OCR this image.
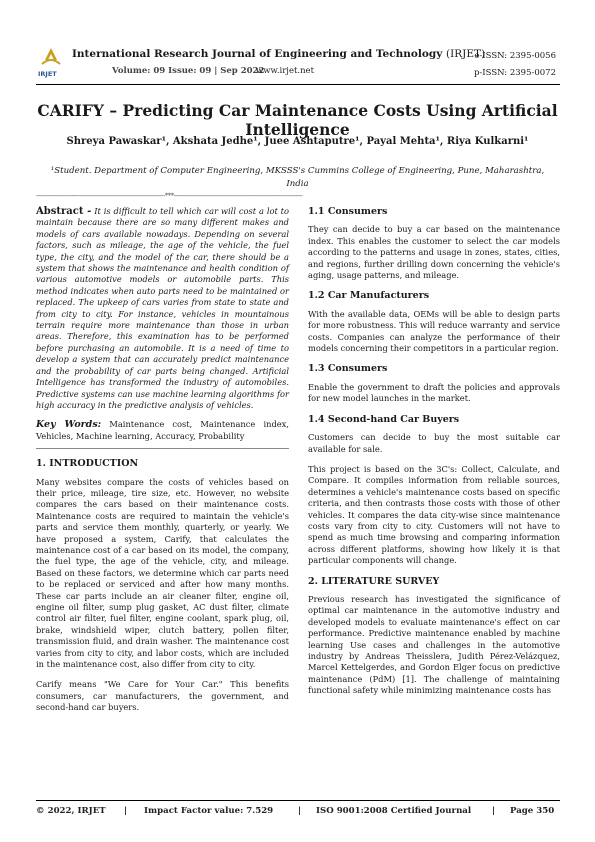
IRJET
International Research Journal of Engineering and Technology (IRJET)
Volume: 09 Issue: 09 | Sep 2022
www.irjet.net
e-ISSN: 2395-0056
p-ISSN: 2395-0072
CARIFY – Predicting Car Maintenance Costs Using Artificial Intelligence
Shreya Pawaskar¹, Akshata Jedhe¹, Juee Ashtaputre¹, Payal Mehta¹, Riya Kulkarni¹
¹Student. Department of Computer Engineering, MKSSS's Cummins College of Engineering, Pune, Maharashtra, India
---------------------------------------------------------------------***---------------------------------------------------------------------
Abstract - It is difficult to tell which car will cost a lot to maintain because there are so many different makes and models of cars available nowadays. Depending on several factors, such as mileage, the age of the vehicle, the fuel type, the city, and the model of the car, there should be a system that shows the maintenance and health condition of various automotive models or automobile parts. This method indicates when auto parts need to be maintained or replaced. The upkeep of cars varies from state to state and from city to city. For instance, vehicles in mountainous terrain require more maintenance than those in urban areas. Therefore, this examination has to be performed before purchasing an automobile. It is a need of time to develop a system that can accurately predict maintenance and the probability of car parts being changed. Artificial Intelligence has transformed the industry of automobiles. Predictive systems can use machine learning algorithms for high accuracy in the predictive analysis of vehicles.
Key Words: Maintenance cost, Maintenance index, Vehicles, Machine learning, Accuracy, Probability
1. INTRODUCTION

Many websites compare the costs of vehicles based on their price, mileage, tire size, etc. However, no website compares the cars based on their maintenance costs. Maintenance costs are required to maintain the vehicle's parts and service them monthly, quarterly, or yearly. We have proposed a system, Carify, that calculates the maintenance cost of a car based on its model, the company, the fuel type, the age of the vehicle, city, and mileage. Based on these factors, we determine which car parts need to be replaced or serviced and after how many months. These car parts include an air cleaner filter, engine oil, engine oil filter, sump plug gasket, AC dust filter, climate control air filter, fuel filter, engine coolant, spark plug, oil, brake, windshield wiper, clutch battery, pollen filter, transmission fluid, and drain washer. The maintenance cost varies from city to city, and labor costs, which are included in the maintenance cost, also differ from city to city.

Carify means "We Care for Your Car." This benefits consumers, car manufacturers, the government, and second-hand car buyers.

1.1 Consumers

They can decide to buy a car based on the maintenance index. This enables the customer to select the car models according to the patterns and usage in zones, states, cities, and regions, further drilling down concerning the vehicle's aging, usage patterns, and mileage.

1.2 Car Manufacturers

With the available data, OEMs will be able to design parts for more robustness. This will reduce warranty and service costs. Companies can analyze the performance of their models concerning their competitors in a particular region.

1.3 Consumers

Enable the government to draft the policies and approvals for new model launches in the market.

1.4 Second-hand Car Buyers

Customers can decide to buy the most suitable car available for sale.

This project is based on the 3C's: Collect, Calculate, and Compare. It compiles information from reliable sources, determines a vehicle's maintenance costs based on specific criteria, and then contrasts those costs with those of other vehicles. It compares the data city-wise since maintenance costs vary from city to city. Customers will not have to spend as much time browsing and comparing information across different platforms, showing how likely it is that particular components will change.

2. LITERATURE SURVEY

Previous research has investigated the significance of optimal car maintenance in the automotive industry and developed models to evaluate maintenance's effect on car performance. Predictive maintenance enabled by machine learning Use cases and challenges in the automotive industry by Andreas Theisslera, Judith Pérez-Velázquez, Marcel Kettelgerdes, and Gordon Elger focus on predictive maintenance (PdM) [1]. The challenge of maintaining functional safety while minimizing maintenance costs has

© 2022, IRJET | Impact Factor value: 7.529	| ISO 9001:2008 Certified Journal | Page 350
